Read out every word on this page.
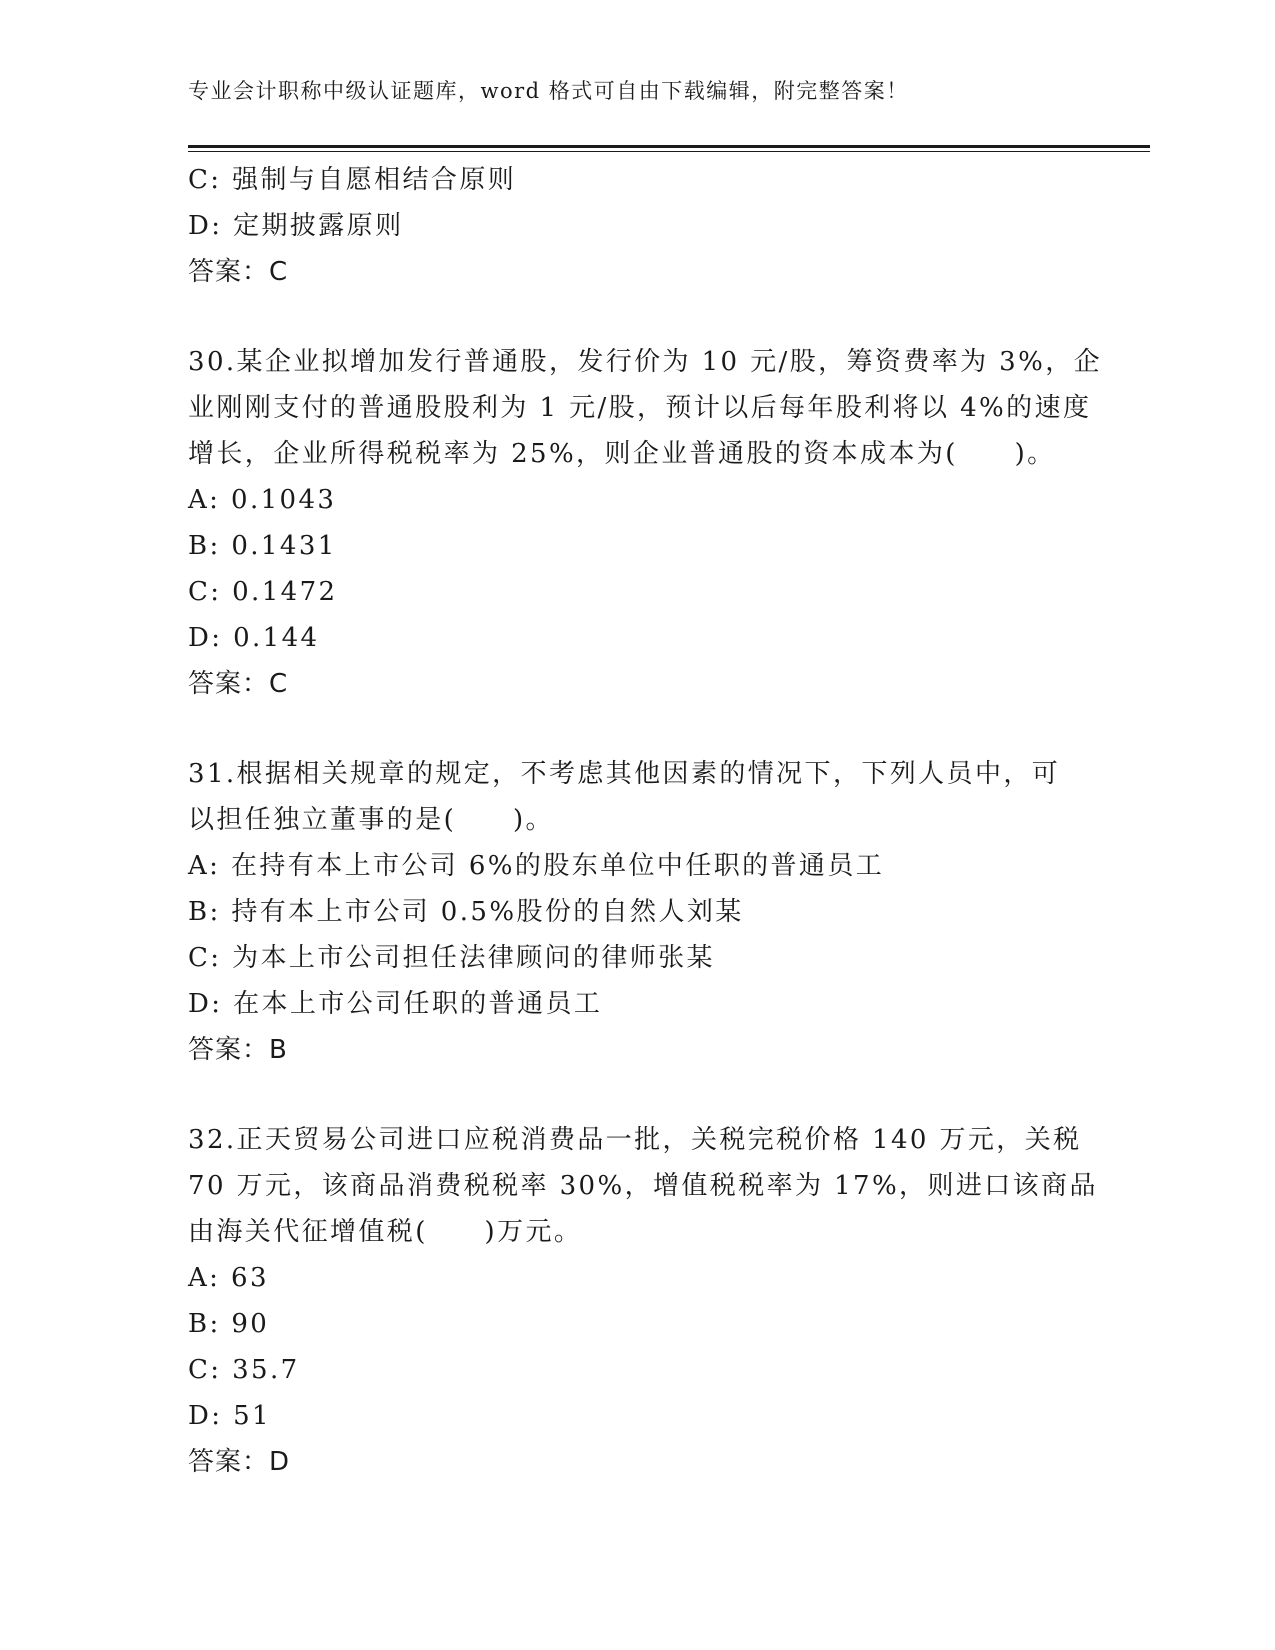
专业会计职称中级认证题库，word 格式可自由下载编辑，附完整答案！
C: 强制与自愿相结合原则
D: 定期披露原则
答案：C
30.某企业拟增加发行普通股，发行价为 10 元/股，筹资费率为 3%，企
业刚刚支付的普通股股利为 1 元/股，预计以后每年股利将以 4%的速度
增长，企业所得税税率为 25%，则企业普通股的资本成本为(　　)。
A: 0.1043
B: 0.1431
C: 0.1472
D: 0.144
答案：C
31.根据相关规章的规定，不考虑其他因素的情况下，下列人员中，可
以担任独立董事的是(　　)。
A: 在持有本上市公司 6%的股东单位中任职的普通员工
B: 持有本上市公司 0.5%股份的自然人刘某
C: 为本上市公司担任法律顾问的律师张某
D: 在本上市公司任职的普通员工
答案：B
32.正天贸易公司进口应税消费品一批，关税完税价格 140 万元，关税
70 万元，该商品消费税税率 30%，增值税税率为 17%，则进口该商品
由海关代征增值税(　　)万元。
A: 63
B: 90
C: 35.7
D: 51
答案：D
